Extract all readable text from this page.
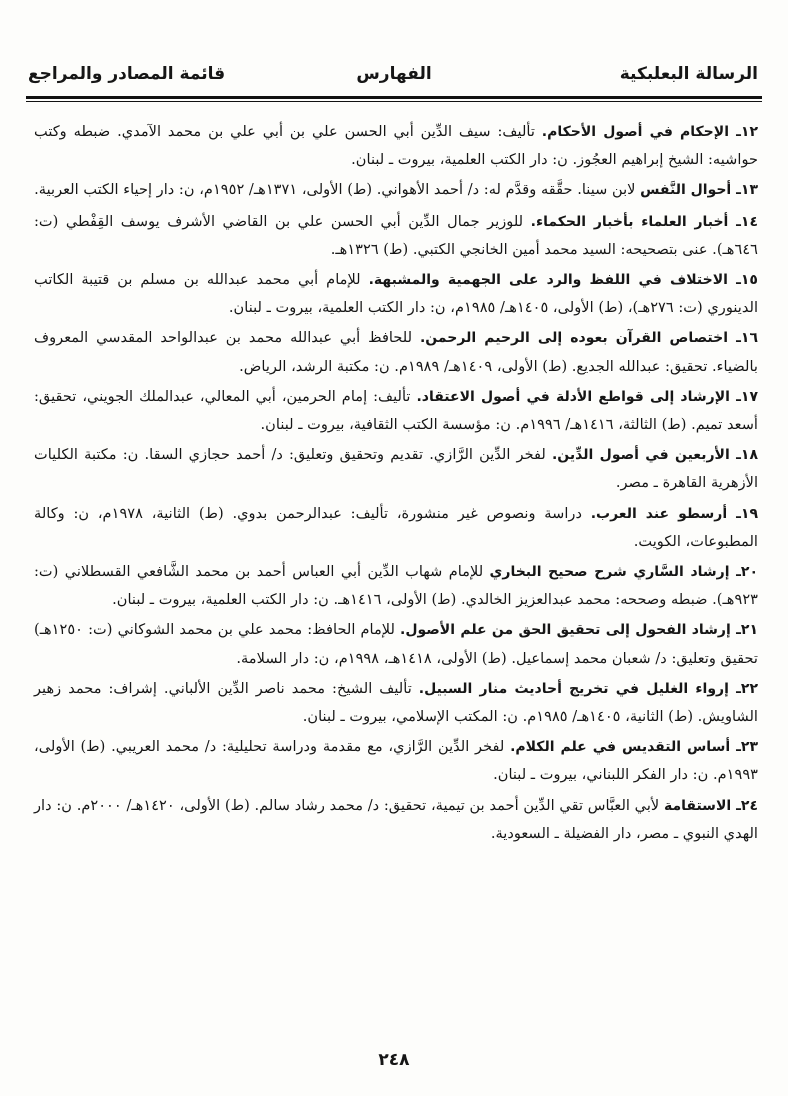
الرسالة البعلبكية
الفهارس
قائمة المصادر والمراجع

١٢ـ الإحكام في أصول الأحكام. تأليف: سيف الدِّين أبي الحسن علي بن أبي علي بن محمد الآمدي. ضبطه وكتب حواشيه: الشيخ إبراهيم العجُوز. ن: دار الكتب العلمية، بيروت ـ لبنان.

١٣ـ أحوال النَّفس لابن سينا. حقَّقه وقدَّم له: د/ أحمد الأهواني. (ط) الأولى، ١٣٧١هـ/ ١٩٥٢م، ن: دار إحياء الكتب العربية.

١٤ـ أخبار العلماء بأخبار الحكماء. للوزير جمال الدِّين أبي الحسن علي بن القاضي الأشرف يوسف القِفْطي (ت: ٦٤٦هـ). عنى بتصحيحه: السيد محمد أمين الخانجي الكتبي. (ط) ١٣٢٦هـ.

١٥ـ الاختلاف في اللفظ والرد على الجهمية والمشبهة. للإمام أبي محمد عبدالله بن مسلم بن قتيبة الكاتب الدينوري (ت: ٢٧٦هـ)، (ط) الأولى، ١٤٠٥هـ/ ١٩٨٥م، ن: دار الكتب العلمية، بيروت ـ لبنان.

١٦ـ اختصاص القرآن بعوده إلى الرحيم الرحمن. للحافظ أبي عبدالله محمد بن عبدالواحد المقدسي المعروف بالضياء. تحقيق: عبدالله الجديع. (ط) الأولى، ١٤٠٩هـ/ ١٩٨٩م. ن: مكتبة الرشد، الرياض.

١٧ـ الإرشاد إلى قواطع الأدلة في أصول الاعتقاد. تأليف: إمام الحرمين، أبي المعالي، عبدالملك الجويني، تحقيق: أسعد تميم. (ط) الثالثة، ١٤١٦هـ/ ١٩٩٦م. ن: مؤسسة الكتب الثقافية، بيروت ـ لبنان.

١٨ـ الأربعين في أصول الدِّين. لفخر الدِّين الرَّازي. تقديم وتحقيق وتعليق: د/ أحمد حجازي السقا. ن: مكتبة الكليات الأزهرية القاهرة ـ مصر.

١٩ـ أرسطو عند العرب. دراسة ونصوص غير منشورة، تأليف: عبدالرحمن بدوي. (ط) الثانية، ١٩٧٨م، ن: وكالة المطبوعات، الكويت.

٢٠ـ إرشاد السَّاري شرح صحيح البخاري للإمام شهاب الدِّين أبي العباس أحمد بن محمد الشَّافعي القسطلاني (ت: ٩٢٣هـ). ضبطه وصححه: محمد عبدالعزيز الخالدي. (ط) الأولى، ١٤١٦هـ. ن: دار الكتب العلمية، بيروت ـ لبنان.

٢١ـ إرشاد الفحول إلى تحقيق الحق من علم الأصول. للإمام الحافظ: محمد علي بن محمد الشوكاني (ت: ١٢٥٠هـ) تحقيق وتعليق: د/ شعبان محمد إسماعيل. (ط) الأولى، ١٤١٨هـ، ١٩٩٨م، ن: دار السلامة.

٢٢ـ إرواء الغليل في تخريج أحاديث منار السبيل. تأليف الشيخ: محمد ناصر الدِّين الألباني. إشراف: محمد زهير الشاويش. (ط) الثانية، ١٤٠٥هـ/ ١٩٨٥م. ن: المكتب الإسلامي، بيروت ـ لبنان.

٢٣ـ أساس التقديس في علم الكلام. لفخر الدِّين الرَّازي، مع مقدمة ودراسة تحليلية: د/ محمد العريبي. (ط) الأولى، ١٩٩٣م. ن: دار الفكر اللبناني، بيروت ـ لبنان.

٢٤ـ الاستقامة لأبي العبَّاس تقي الدِّين أحمد بن تيمية، تحقيق: د/ محمد رشاد سالم. (ط) الأولى، ١٤٢٠هـ/ ٢٠٠٠م. ن: دار الهدي النبوي ـ مصر، دار الفضيلة ـ السعودية.

٢٤٨
